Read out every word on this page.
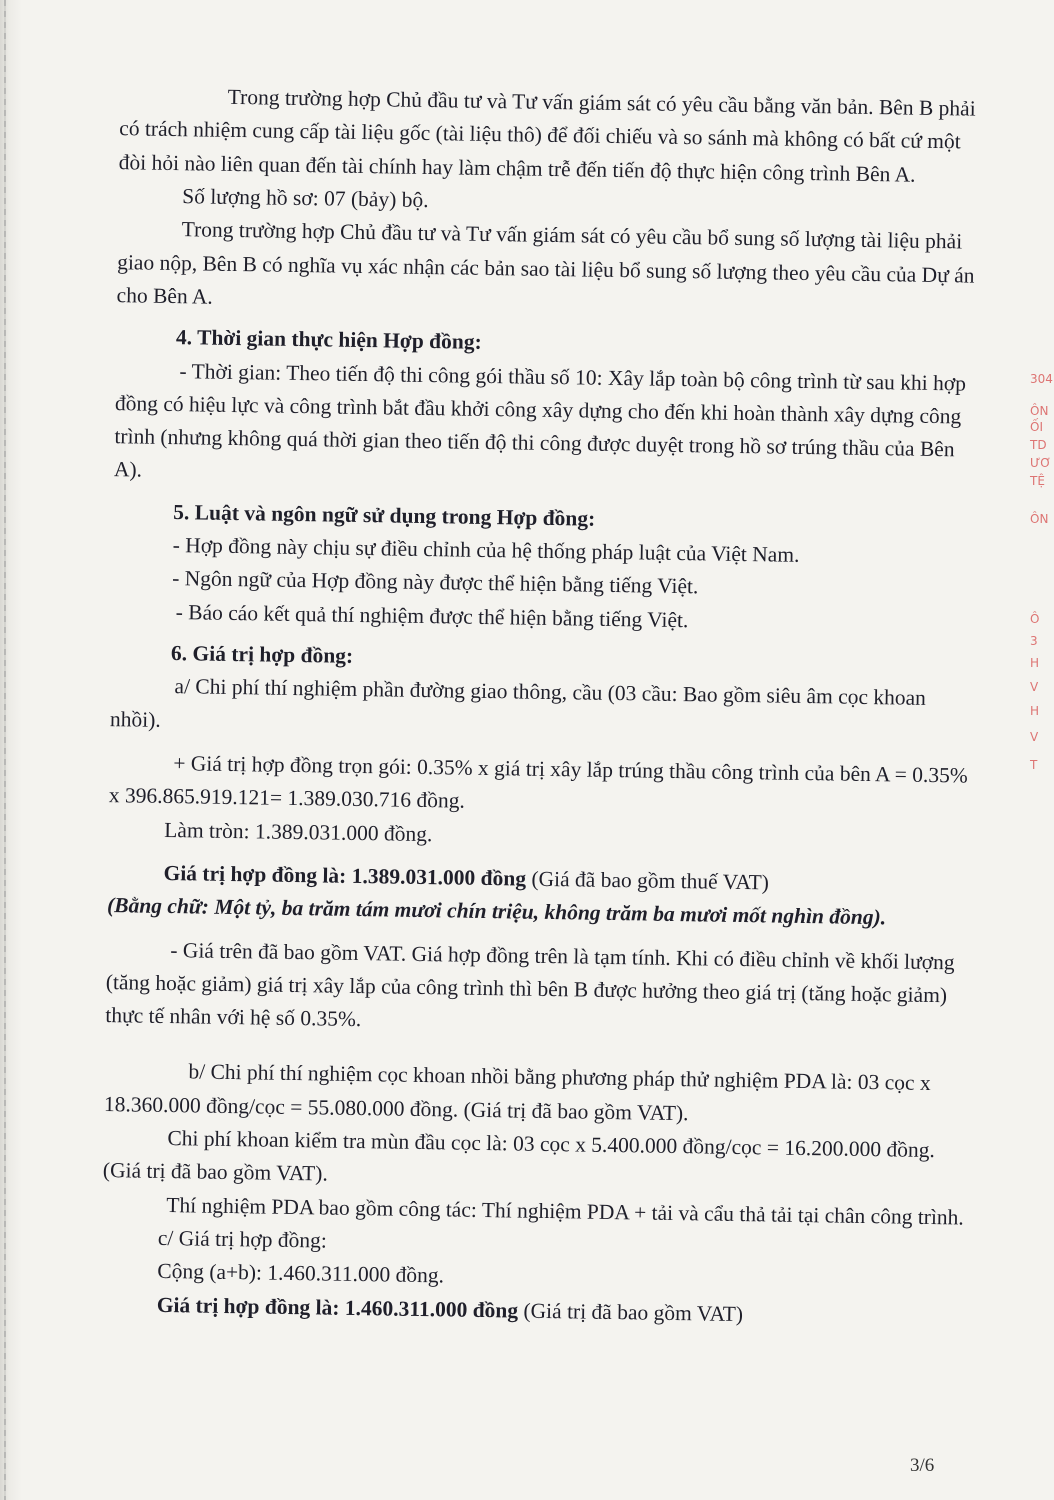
304
ÔN
ỐI
TD
ƯƠ
TỆ
ÔN
Ô
3
H
V
H
V
T

Trong trường hợp Chủ đầu tư và Tư vấn giám sát có yêu cầu bằng văn bản. Bên B phải có trách nhiệm cung cấp tài liệu gốc (tài liệu thô) để đối chiếu và so sánh mà không có bất cứ một đòi hỏi nào liên quan đến tài chính hay làm chậm trễ đến tiến độ thực hiện công trình Bên A.

Số lượng hồ sơ: 07 (bảy) bộ.

Trong trường hợp Chủ đầu tư và Tư vấn giám sát có yêu cầu bổ sung số lượng tài liệu phải giao nộp, Bên B có nghĩa vụ xác nhận các bản sao tài liệu bổ sung số lượng theo yêu cầu của Dự án cho Bên A.

4. Thời gian thực hiện Hợp đồng:

- Thời gian: Theo tiến độ thi công gói thầu số 10: Xây lắp toàn bộ công trình từ sau khi hợp đồng có hiệu lực và công trình bắt đầu khởi công xây dựng cho đến khi hoàn thành xây dựng công trình (nhưng không quá thời gian theo tiến độ thi công được duyệt trong hồ sơ trúng thầu của Bên A).

5. Luật và ngôn ngữ sử dụng trong Hợp đồng:

- Hợp đồng này chịu sự điều chỉnh của hệ thống pháp luật của Việt Nam.

- Ngôn ngữ của Hợp đồng này được thể hiện bằng tiếng Việt.

- Báo cáo kết quả thí nghiệm được thể hiện bằng tiếng Việt.

6. Giá trị hợp đồng:

a/ Chi phí thí nghiệm phần đường giao thông, cầu (03 cầu: Bao gồm siêu âm cọc khoan nhồi).

+ Giá trị hợp đồng trọn gói: 0.35% x giá trị xây lắp trúng thầu công trình của bên A = 0.35% x 396.865.919.121= 1.389.030.716 đồng.

Làm tròn: 1.389.031.000 đồng.

Giá trị hợp đồng là: 1.389.031.000 đồng (Giá đã bao gồm thuế VAT)

(Bằng chữ: Một tỷ, ba trăm tám mươi chín triệu, không trăm ba mươi mốt nghìn đồng).

- Giá trên đã bao gồm VAT. Giá hợp đồng trên là tạm tính. Khi có điều chỉnh về khối lượng (tăng hoặc giảm) giá trị xây lắp của công trình thì bên B được hưởng theo giá trị (tăng hoặc giảm) thực tế nhân với hệ số 0.35%.

b/ Chi phí thí nghiệm cọc khoan nhồi bằng phương pháp thử nghiệm PDA là: 03 cọc x 18.360.000 đồng/cọc = 55.080.000 đồng. (Giá trị đã bao gồm VAT).

Chi phí khoan kiểm tra mùn đầu cọc là: 03 cọc x 5.400.000 đồng/cọc = 16.200.000 đồng. (Giá trị đã bao gồm VAT).

Thí nghiệm PDA bao gồm công tác: Thí nghiệm PDA + tải và cẩu thả tải tại chân công trình.

c/ Giá trị hợp đồng:

Cộng (a+b): 1.460.311.000 đồng.

Giá trị hợp đồng là: 1.460.311.000 đồng (Giá trị đã bao gồm VAT)

3/6
